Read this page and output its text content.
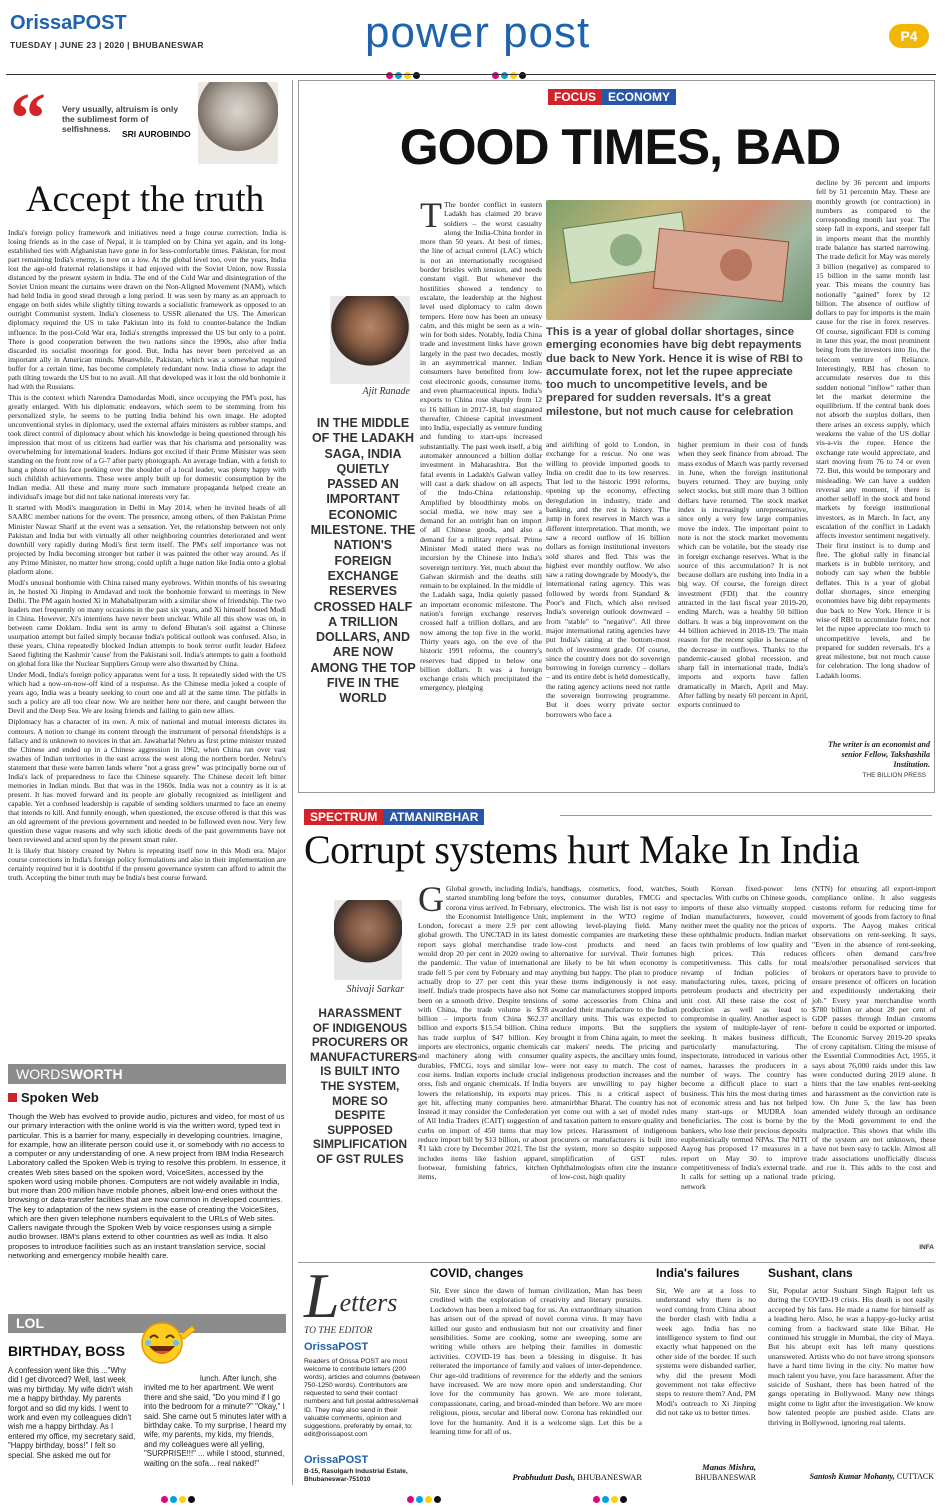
OrissaPOST
TUESDAY | JUNE 23 | 2020 | BHUBANESWAR	power post	P4

“	Very usually, altruism is only the sublimest form of selfishness.	SRI AUROBINDO
Accept the truth

India's foreign policy framework and initiatives need a huge course correction. India is losing friends as in the case of Nepal, it is trampled on by China yet again, and its long-established ties with Afghanistan have gone in for less-comfortable times. Pakistan, for most part remaining India's enemy, is now on a low. At the global level too, over the years, India lost the age-old fraternal relationships it had enjoyed with the Soviet Union, now Russia distanced by the present system in India. The end of the Cold War and disintegration of the Soviet Union meant the curtains were drawn on the Non-Aligned Movement (NAM), which had held India in good stead through a long period. It was seen by many as an approach to engage on both sides while slightly tilting towards a socialistic framework as opposed to an outright Communist system. India's closeness to USSR alienated the US. The American diplomacy required the US to take Pakistan into its fold to counter-balance the Indian influence. In the post-Cold War era, India's strengths impressed the US but only to a point. There is good cooperation between the two nations since the 1990s, also after India discarded its socialist moorings for good. But, India has never been perceived as an important ally in American minds. Meanwhile, Pakistan, which was a somewhat required buffer for a certain time, has become completely redundant now. India chose to adapt the path tilting towards the US but to no avail. All that developed was it lost the old bonhomie it had with the Russians.

This is the context which Narendra Damodardas Modi, since occupying the PM's post, has greatly enlarged. With his diplomatic endeavors, which seem to be stemming from his personalized style, he seems to be putting India behind his own image. He adopted unconventional styles in diplomacy, used the external affairs ministers as rubber stamps, and took direct control of diplomacy about which his knowledge is being questioned through his impression that most of us citizens had earlier was that his charisma and personality was overwhelming for international leaders. Indians got excited if their Prime Minister was seen standing on the front row of a G-7 after party photograph. An average Indian, with a fetish to hang a photo of his face peeking over the shoulder of a local leader, was plenty happy with such childish achievements. These were amply built up for domestic consumption by the Indian media. All these and many more such immature propaganda helped create an individual's image but did not take national interests very far.

It started with Modi's inauguration in Delhi in May 2014, when he invited heads of all SAARC member nations for the event. The presence, among others, of then Pakistan Prime Minister Nawaz Sharif at the event was a sensation. Yet, the relationship between not only Pakistan and India but with virtually all other neighboring countries deteriorated and went downhill very rapidly during Modi's first term itself. The PM's self importance was not projected by India becoming stronger but rather it was painted the other way around. As if any Prime Minister, no matter how strong, could uplift a huge nation like India onto a global platform alone.

Modi's unusual bonhomie with China raised many eyebrows. Within months of his swearing in, he hosted Xi Jinping in Amdavad and took the bonhomie forward to meetings in New Delhi. The PM again hosted Xi in Mahabalipuram with a similar show of friendship. The two leaders met frequently on many occasions in the past six years, and Xi himself hosted Modi in China. However, Xi's intentions have never been unclear. While all this show was on, in between came Doklam. India sent its army to defend Bhutan's soil against a Chinese usurpation attempt but failed simply because India's political outlook was confused. Also, in these years, China repeatedly blocked Indian attempts to book terror outfit leader Hafeez Saeed fighting the Kashmir 'cause' from the Pakistani soil. India's attempts to gain a foothold on global fora like the Nuclear Suppliers Group were also thwarted by China.

Under Modi, India's foreign policy apparatus went for a toss. It repeatedly sided with the US which had a now-on-now-off kind of a response. As the Chinese media joked a couple of years ago, India was a beauty seeking to court one and all at the same time. The pitfalls in such a policy are all too clear now. We are neither here nor there, and caught between the Devil and the Deep Sea. We are losing friends and failing to gain new allies.

Diplomacy has a character of its own. A mix of national and mutual interests dictates its contours. A notion to change its content through the instrument of personal friendships is a fallacy and is unknown to novices in that art. Jawaharlal Nehru as first prime minister trusted the Chinese and ended up in a Chinese aggression in 1962, when China ran over vast swathes of Indian territories in the east across the west along the northern border. Nehru's statement that these were barren lands where "not a grass grew" was principally borne out of India's lack of preparedness to face the Chinese squarely. The Chinese deceit left bitter memories in Indian minds. But that was in the 1960s. India was not a country as it is at present. It has moved forward and its people are globally recognized as intelligent and capable. Yet a confused leadership is capable of sending soldiers unarmed to face an enemy that intends to kill. And funnily enough, when questioned, the excuse offered is that this was an old agreement of the previous government and needed to be followed even now. Very few question these vague reasons and why such idiotic deeds of the past governments have not been reviewed and acted upon by the present smart ruler.

It is likely that history created by Nehru is repeating itself now in this Modi era. Major course corrections in India's foreign policy formulations and also in their implementation are certainly required but it is doubtful if the present governance system can afford to admit the truth. Accepting the bitter truth may be India's best course forward.

WORDSWORTH
Spoken Web
Though the Web has evolved to provide audio, pictures and video, for most of us our primary interaction with the online world is via the written word, typed text in particular. This is a barrier for many, especially in developing countries. Imagine, for example, how an illiterate person could use it, or somebody with no access to a computer or any understanding of one. A new project from IBM India Research Laboratory called the Spoken Web is trying to resolve this problem. In essence, it creates Web sites based on the spoken word, VoiceSites, accessed by the spoken word using mobile phones. Computers are not widely available in India, but more than 200 million have mobile phones, albeit low-end ones without the browsing or data-transfer facilities that are now common in developed countries. The key to adaptation of the new system is the ease of creating the VoiceSites, which are then given telephone numbers equivalent to the URLs of Web sites. Callers navigate through the Spoken Web by voice responses using a simple audio browser. IBM's plans extend to other countries as well as India. It also proposes to introduce facilities such as an instant translation service, social networking and emergency mobile health care.
LOL
BIRTHDAY, BOSS
A confession went like this ..."Why did I get divorced? Well, last week was my birthday. My wife didn't wish me a happy birthday. My parents forgot and so did my kids. I went to work and even my colleagues didn't wish me a happy birthday. As I entered my office, my secretary said, "Happy birthday, boss!" I felt so special. She asked me out for
lunch. After lunch, she invited me to her apartment. We went there and she said, "Do you mind if I go into the bedroom for a minute?" "Okay," I said. She came out 5 minutes later with a birthday cake. To my surprise, I heard my wife, my parents, my kids, my friends, and my colleagues were all yelling, "SURPRISE!!!" ... while I stood, stunned, waiting on the sofa... real naked!"
FOCUS ECONOMY
GOOD TIMES, BAD
Ajit Ranade
IN THE MIDDLE OF THE LADAKH SAGA, INDIA QUIETLY PASSED AN IMPORTANT ECONOMIC MILESTONE. THE NATION'S FOREIGN EXCHANGE RESERVES CROSSED HALF A TRILLION DOLLARS, AND ARE NOW AMONG THE TOP FIVE IN THE WORLD
T The border conflict in eastern Ladakh has claimed 20 brave soldiers – the worst casualty along the India-China border in more than 50 years. At best of times, the line of actual control (LAC) which is not an internationally recognised border bristles with tension, and needs constant vigil. But whenever the hostilities showed a tendency to escalate, the leadership at the highest level used diplomacy to calm down tempers. Here now has been an uneasy calm, and this might be seen as a win-win for both sides. Notably, India China trade and investment links have grown largely in the past two decades, mostly in an asymmetrical manner. Indian consumers have benefited from low-cost electronic goods, consumer items, and even pharmaceutical inputs. India's exports to China rose sharply from 12 to 16 billion in 2017-18, but stagnated thereafter. Chinese capital investment into India, especially as venture funding and funding to start-ups increased substantially. The past week itself, a big automaker announced a billion dollar investment in Maharashtra. But the fatal events in Ladakh's Galwan valley will cast a dark shadow on all aspects of the Indo-China relationship. Amplified by bloodthirsty mobs on social media, we now may see a demand for an outright ban on import of all Chinese goods, and also a demand for a military reprisal. Prime Minister Modi stated there was no incursion by the Chinese into India's sovereign territory. Yet, much about the Galwan skirmish and the deaths still remain to be explained. In the middle of the Ladakh saga, India quietly passed an important economic milestone. The nation's foreign exchange reserves crossed half a trillion dollars, and are now among the top five in the world. Thirty years ago, on the eve of the historic 1991 reforms, the country's reserves had dipped to below one billion dollars. It was a foreign exchange crisis which precipitated the emergency, pledging
This is a year of global dollar shortages, since emerging economies have big debt repayments due back to New York. Hence it is wise of RBI to accumulate forex, not let the rupee appreciate too much to uncompetitive levels, and be prepared for sudden reversals. It's a great milestone, but not much cause for celebration
and airlifting of gold to London, in exchange for a rescue. No one was willing to provide imported goods to India on credit due to its low reserves. That led to the historic 1991 reforms, opening up the economy, effecting deregulation in industry, trade and banking, and the rest is history. The jump in forex reserves in March was a different interpretation. That month, we saw a record outflow of 16 billion dollars as foreign institutional investors sold shares and fled. This was the highest ever monthly outflow. We also saw a rating downgrade by Moody's, the international rating agency. This was followed by words from Standard & Poor's and Fitch, which also revised India's sovereign outlook downward – from "stable" to "negative". All three major international rating agencies have put India's rating at the bottom-most notch of investment grade. Of course, since the country does not do sovereign borrowing in foreign currency – dollars – and its entire debt is held domestically, the rating agency actions need not rattle the sovereign borrowing programme. But it does worry private sector borrowers who face a
higher premium in their cost of funds when they seek finance from abroad. The mass exodus of March was partly reversed in June, when the foreign institutional buyers returned. They are buying only select stocks, but still more than 3 billion dollars have returned. The stock market index is increasingly unrepresentative, since only a very few large companies move the index. The important point to note is not the stock market movements which can be volatile, but the steady rise in foreign exchange reserves. What is the source of this accumulation? It is not because dollars are rushing into India in a big way. Of course, the foreign direct investment (FDI) that the country attracted in the last fiscal year 2019-20, ending March, was a healthy 50 billion dollars. It was a big improvement on the 44 billion achieved in 2018-19. The main reason for the recent spike is because of the decrease in outflows. Thanks to the pandemic-caused global recession, and sharp fall in international trade, India's imports and exports have fallen dramatically in March, April and May. After falling by nearly 60 percent in April, exports continued to
decline by 36 percent and imports fell by 51 percentin May. These are monthly growth (or contraction) in numbers as compared to the corresponding month last year. The steep fall in exports, and steeper fall in imports meant that the monthly trade balance has started narrowing. The trade deficit for May was merely 3 billion (negative) as compared to 15 billion in the same month last year. This means the country has notionally "gained" forex by 12 billion. The absence of outflow of dollars to pay for imports is the main cause for the rise in forex reserves. Of course, significant FDI is coming in later this year, the most prominent being from the investors into Jio, the telecom venture of Reliance. Interestingly, RBI has chosen to accumulate reserves due to this sudden notional "inflow" rather than let the market determine the equilibrium. If the central bank does not absorb the surplus dollars, then there arises an excess supply, which weakens the value of the US dollar vis-a-vis the rupee. Hence the exchange rate would appreciate, and start moving from 76 to 74 or even 72. But, this would be temporary and misleading. We can have a sudden reversal any moment, if there is another selloff in the stock and bond markets by foreign institutional investors, as in March. In fact, any escalation of the conflict in Ladakh affects investor sentiment negatively. Their first instinct is to dump and flee. The global rally in financial markets is in bubble territory, and nobody can say when the bubble deflates. This is a year of global dollar shortages, since emerging economies have big debt repayments due back to New York. Hence it is wise of RBI to accumulate forex, not let the rupee appreciate too much to uncompetitive levels, and be prepared for sudden reversals. It's a great milestone, but not much cause for celebration. The long shadow of Ladakh looms.
The writer is an economist and senior Fellow, Takshashila Institution.
THE BILLION PRESS
SPECTRUM ATMANIRBHAR
Corrupt systems hurt Make In India
Shivaji Sarkar
HARASSMENT OF INDIGENOUS PROCURERS OR MANUFACTURERS IS BUILT INTO THE SYSTEM, MORE SO DESPITE SUPPOSED SIMPLIFICATION OF GST RULES
G Global growth, including India's, started stumbling long before the corona virus arrived. In February, the Economist Intelligence Unit, London, forecast a mere 2.9 per cent global growth. The UNCTAD in its latest report says global merchandise trade would drop 20 per cent in 2020 owing to the pandemic. The value of international trade fell 5 per cent by February and may actually drop to 27 per cent this year itself. India's trade prospects have also not been on a smooth drive. Despite tensions with China, the trade volume is $78 billion – imports from China $62.37 billion and exports $15.54 billion. China has trade surplus of $47 billion. Key imports are electronics, organic chemicals and machinery along with consumer durables, FMCG, toys and similar low-cost items. Indian exports include crucial ores, fish and organic chemicals. If India lowers the relationship, its exports may get hit, affecting many companies here. Instead it may consider the Confederation of All India Traders (CAIT) suggestion of curbs on import of 450 items that may reduce import bill by $13 billion, or about ₹1 lakh crore by December 2021. The list includes items like fashion apparel, footwear, furnishing fabrics, kitchen items,
handbags, cosmetics, food, watches, toys, consumer durables, FMCG and electronics. The wish list is not easy to implement in the WTO regime of allowing level-playing field. Many domestic companies are marketing these low-cost products and need an alternative for survival. Their fortunes are likely to be hit when economy is anything but happy. The plan to produce these items indigenously is not easy. Some car manufacturers stopped imports of some accessories from China and awarded their manufacture to the Indian ancillary units. This was expected to reduce imports. But the suppliers brought it from China again, to meet the car makers' needs. The pricing and quality aspects, the ancillary units found, were not easy to match. The cost of indigenous production increases and the buyers are unwilling to pay higher prices. This is a critical aspect of atmanirbhar Bharat. The country has not yet come out with a set of model rules and taxation pattern to ensure quality and low prices. Harassment of indigenous procurers or manufacturers is built into the system, more so despite supposed simplification of GST rules. Ophthalmologists often cite the instance of low-cost, high quality
South Korean fixed-power lens spectacles. With curbs on Chinese goods, imports of these also virtually stopped. Indian manufacturers, however, could neither meet the quality nor the prices of these ophthalmic products. Indian market faces twin problems of low quality and high prices. This reduces competitiveness. This calls for total revamp of Indian policies of manufacturing rules, taxes, pricing of petroleum products and electricity per unit cost. All these raise the cost of production as well as lead to compromise in quality. Another aspect is the system of multiple-layer of rent-seeking. It makes business difficult, particularly manufacturing. The inspectorate, introduced in various other names, harasses the producers in a number of ways. The country has become a difficult place to start a business. This hits the most during times of economic stress and has not helped many start-ups or MUDRA loan beneficiaries. The cost is borne by the bankers, who lose their precious deposits euphemistically termed NPAs. The NITI Aayog has proposed 17 measures in a report on May 30 to improve competitiveness of India's external trade. It calls for setting up a national trade network
(NTN) for ensuring all export-import compliance online. It also suggests customs reform for reducing time for movement of goods from factory to final exports. The Aayog makes critical observations on rent-seeking. It says, "Even in the absence of rent-seeking, officers often demand cars/free meals/other personalised services that brokers or operators have to provide to ensure presence of officers on location and expeditiously undertaking their job." Every year merchandise worth $780 billion or about 28 per cent of GDP passes through Indian customs before it could be exported or imported. The Economic Survey 2019-20 speaks of crony capitalism. Citing the misuse of the Essential Commodities Act, 1955, it says about 76,000 raids under this law were conducted during 2019 alone. It hints that the law enables rent-seeking and harassment as the conviction rate is low. On June 5, the law has been amended widely through an ordinance by the Modi government to end the malpractice. This shows that while ills of the system are not unknown, these have not been easy to tackle. Almost all trade associations unofficially discuss and rue it. This adds to the cost and pricing.
INFA
Letters
TO THE EDITOR
OrissaPOST
Readers of Orissa POST are most welcome to contribute letters (200 words), articles and columns (between 750-1250 words). Contributors are requested to send their contact numbers and full postal address/email ID. They may also send in their valuable comments, opinion and suggestions, preferably by email, to: edit@orissapost.com
OrissaPOST
B-15, Rasulgarh Industrial Estate, Bhubaneswar-751010
COVID, changes
Sir, Ever since the dawn of human civilization, Man has been credited with the exploration of creativity and literary pursuits. Lockdown has been a mixed bag for us. An extraordinary situation has arisen out of the spread of novel corona virus. It may have killed our gusto and enthusiasm but not our creativity and finer sensibilities. Some are cooking, some are sweeping, some are writing while others are helping their families in domestic activities. COVID-19 has been a blessing in disguise. It has reiterated the importance of family and values of inter-dependence. Our age-old traditions of reverence for the elderly and the seniors have increased. We are now more open and understanding. Our love for the community has grown. We are more tolerant, compassionate, caring, and broad-minded than before. We are more religious, pious, secular and liberal now. Corona has rekindled our love for the humanity. And it is a welcome sign. Let this be a learning time for all of us.
Prabhudutt Dash, BHUBANESWAR
India's failures
Sir, We are at a loss to understand why there is no word coming from China about the border clash with India a week ago. India has no intelligence system to find out exactly what happened on the other side of the border. If such systems were disbanded earlier, why did the present Modi government not take effective steps to restore them? And, PM Modi's outreach to Xi Jinping did not take us to better times.
Manas Mishra,
BHUBANESWAR
Sushant, clans
Sir, Popular actor Sushant Singh Rajput left us during the COVID-19 crisis. His death is not easily accepted by his fans. He made a name for himself as a leading hero. Also, he was a happy-go-lucky artist coming from a backward state like Bihar. He continued his struggle in Mumbai, the city of Maya. But his abrupt exit has left many questions unanswered. Artists who do not have strong sponsors have a hard time living in the city. No matter how much talent you have, you face harassment. After the suicide of Sushant, there has been hatred of the gangs operating in Bollywood. Many new things might come to light after the investigation. We know how talented people are pushed aside. Clans are thriving in Bollywood, ignoring real talents.
Santosh Kumar Mohanty, CUTTACK
